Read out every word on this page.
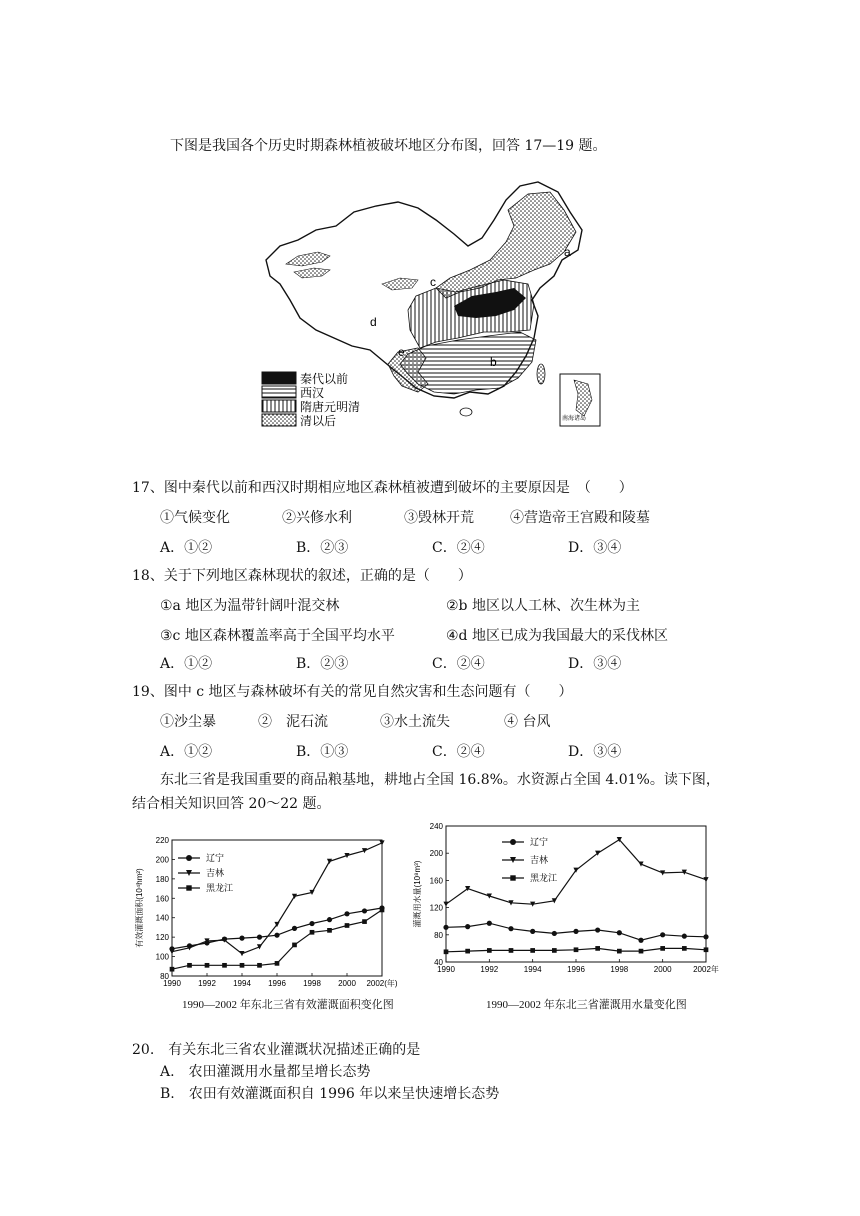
下图是我国各个历史时期森林植被破坏地区分布图，回答 17—19 题。
a
b
c
d
e
秦代以前
西汉
隋唐元明清
清以后	南海诸岛
17、图中秦代以前和西汉时期相应地区森林植被遭到破坏的主要原因是　（　　）
①气候变化	②兴修水利	③毁林开荒	④营造帝王宫殿和陵墓
A．①②	B．②③	C．②④	D．③④
18、关于下列地区森林现状的叙述，正确的是（　　）
①a 地区为温带针阔叶混交林	②b 地区以人工林、次生林为主
③c 地区森林覆盖率高于全国平均水平	④d 地区已成为我国最大的采伐林区
A．①②	B．②③	C．②④	D．③④
19、图中 c 地区与森林破坏有关的常见自然灾害和生态问题有（　　）
①沙尘暴	②　泥石流	③水土流失	④ 台风
A．①②	B．①③	C．②④	D．③④
东北三省是我国重要的商品粮基地，耕地占全国 16.8%。水资源占全国 4.01%。读下图，
结合相关知识回答 20～22 题。
80
100
120
140
160
180
200
220
1990 1992 1994 1996 1998 2000 2002(年)
有效灌溉面积(10⁴hm²)
辽宁
吉林
黑龙江
40
80
120
160
200
240
1990	1992	1994	1996	1998	2000	2002年
灌溉用水量(10⁸m³)
辽宁
吉林
黑龙江
1990—2002 年东北三省有效灌溉面积变化图	1990—2002 年东北三省灌溉用水量变化图
20.　有关东北三省农业灌溉状况描述正确的是
A.　农田灌溉用水量都呈增长态势
B.　农田有效灌溉面积自 1996 年以来呈快速增长态势
